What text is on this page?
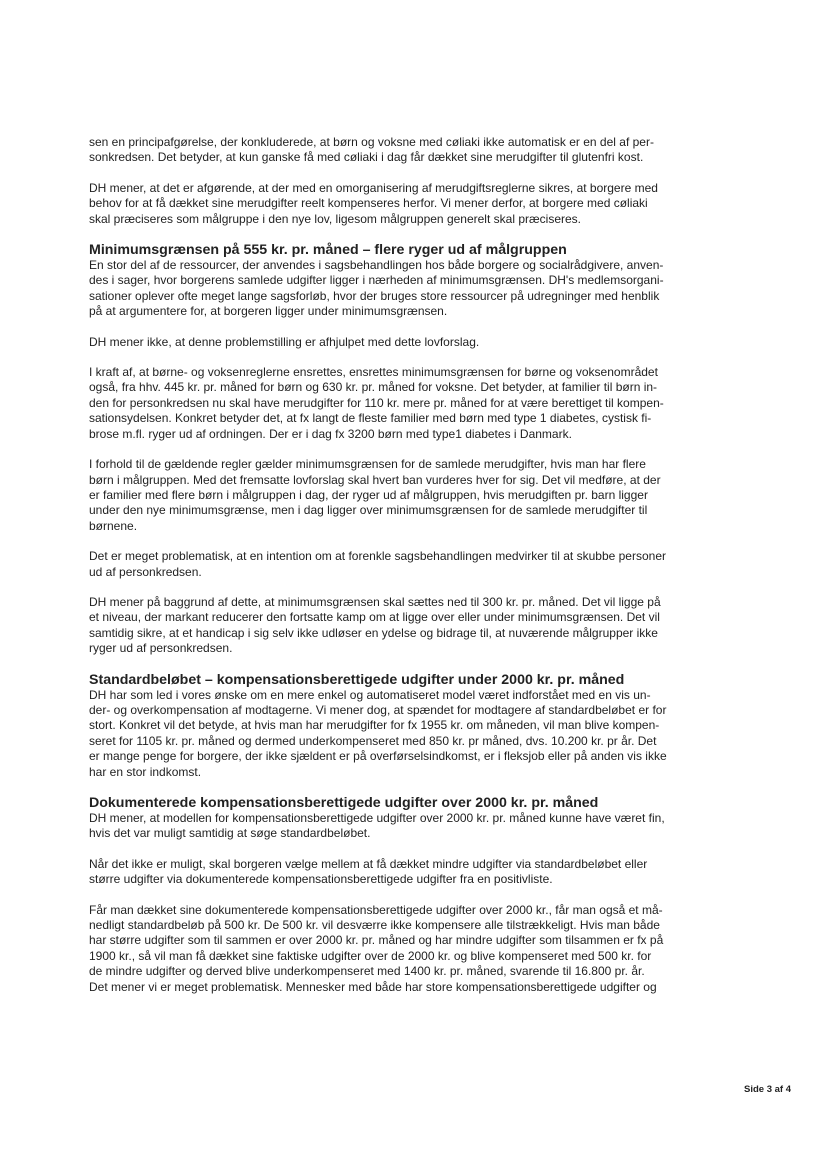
sen en principafgørelse, der konkluderede, at børn og voksne med cøliaki ikke automatisk er en del af per-
sonkredsen. Det betyder, at kun ganske få med cøliaki i dag får dækket sine merudgifter til glutenfri kost.

DH mener, at det er afgørende, at der med en omorganisering af merudgiftsreglerne sikres, at borgere med
behov for at få dækket sine merudgifter reelt kompenseres herfor. Vi mener derfor, at borgere med cøliaki
skal præciseres som målgruppe i den nye lov, ligesom målgruppen generelt skal præciseres.

Minimumsgrænsen på 555 kr. pr. måned – flere ryger ud af målgruppen

En stor del af de ressourcer, der anvendes i sagsbehandlingen hos både borgere og socialrådgivere, anven-
des i sager, hvor borgerens samlede udgifter ligger i nærheden af minimumsgrænsen. DH's medlemsorgani-
sationer oplever ofte meget lange sagsforløb, hvor der bruges store ressourcer på udregninger med henblik
på at argumentere for, at borgeren ligger under minimumsgrænsen.

DH mener ikke, at denne problemstilling er afhjulpet med dette lovforslag.

I kraft af, at børne- og voksenreglerne ensrettes, ensrettes minimumsgrænsen for børne og voksenområdet
også, fra hhv. 445 kr. pr. måned for børn og 630 kr. pr. måned for voksne. Det betyder, at familier til børn in-
den for personkredsen nu skal have merudgifter for 110 kr. mere pr. måned for at være berettiget til kompen-
sationsydelsen. Konkret betyder det, at fx langt de fleste familier med børn med type 1 diabetes, cystisk fi-
brose m.fl. ryger ud af ordningen. Der er i dag fx 3200 børn med type1 diabetes i Danmark.

I forhold til de gældende regler gælder minimumsgrænsen for de samlede merudgifter, hvis man har flere
børn i målgruppen. Med det fremsatte lovforslag skal hvert ban vurderes hver for sig. Det vil medføre, at der
er familier med flere børn i målgruppen i dag, der ryger ud af målgruppen, hvis merudgiften pr. barn ligger
under den nye minimumsgrænse, men i dag ligger over minimumsgrænsen for de samlede merudgifter til
børnene.

Det er meget problematisk, at en intention om at forenkle sagsbehandlingen medvirker til at skubbe personer
ud af personkredsen.

DH mener på baggrund af dette, at minimumsgrænsen skal sættes ned til 300 kr. pr. måned. Det vil ligge på
et niveau, der markant reducerer den fortsatte kamp om at ligge over eller under minimumsgrænsen. Det vil
samtidig sikre, at et handicap i sig selv ikke udløser en ydelse og bidrage til, at nuværende målgrupper ikke
ryger ud af personkredsen.

Standardbeløbet – kompensationsberettigede udgifter under 2000 kr. pr. måned

DH har som led i vores ønske om en mere enkel og automatiseret model været indforstået med en vis un-
der- og overkompensation af modtagerne. Vi mener dog, at spændet for modtagere af standardbeløbet er for
stort. Konkret vil det betyde, at hvis man har merudgifter for fx 1955 kr. om måneden, vil man blive kompen-
seret for 1105 kr. pr. måned og dermed underkompenseret med 850 kr. pr måned, dvs. 10.200 kr. pr år. Det
er mange penge for borgere, der ikke sjældent er på overførselsindkomst, er i fleksjob eller på anden vis ikke
har en stor indkomst.

Dokumenterede kompensationsberettigede udgifter over 2000 kr. pr. måned

DH mener, at modellen for kompensationsberettigede udgifter over 2000 kr. pr. måned kunne have været fin,
hvis det var muligt samtidig at søge standardbeløbet.

Når det ikke er muligt, skal borgeren vælge mellem at få dækket mindre udgifter via standardbeløbet eller
større udgifter via dokumenterede kompensationsberettigede udgifter fra en positivliste.

Får man dækket sine dokumenterede kompensationsberettigede udgifter over 2000 kr., får man også et må-
nedligt standardbeløb på 500 kr. De 500 kr. vil desværre ikke kompensere alle tilstrækkeligt. Hvis man både
har større udgifter som til sammen er over 2000 kr. pr. måned og har mindre udgifter som tilsammen er fx på
1900 kr., så vil man få dækket sine faktiske udgifter over de 2000 kr. og blive kompenseret med 500 kr. for
de mindre udgifter og derved blive underkompenseret med 1400 kr. pr. måned, svarende til 16.800 pr. år.
Det mener vi er meget problematisk. Mennesker med både har store kompensationsberettigede udgifter og

Side 3 af 4
